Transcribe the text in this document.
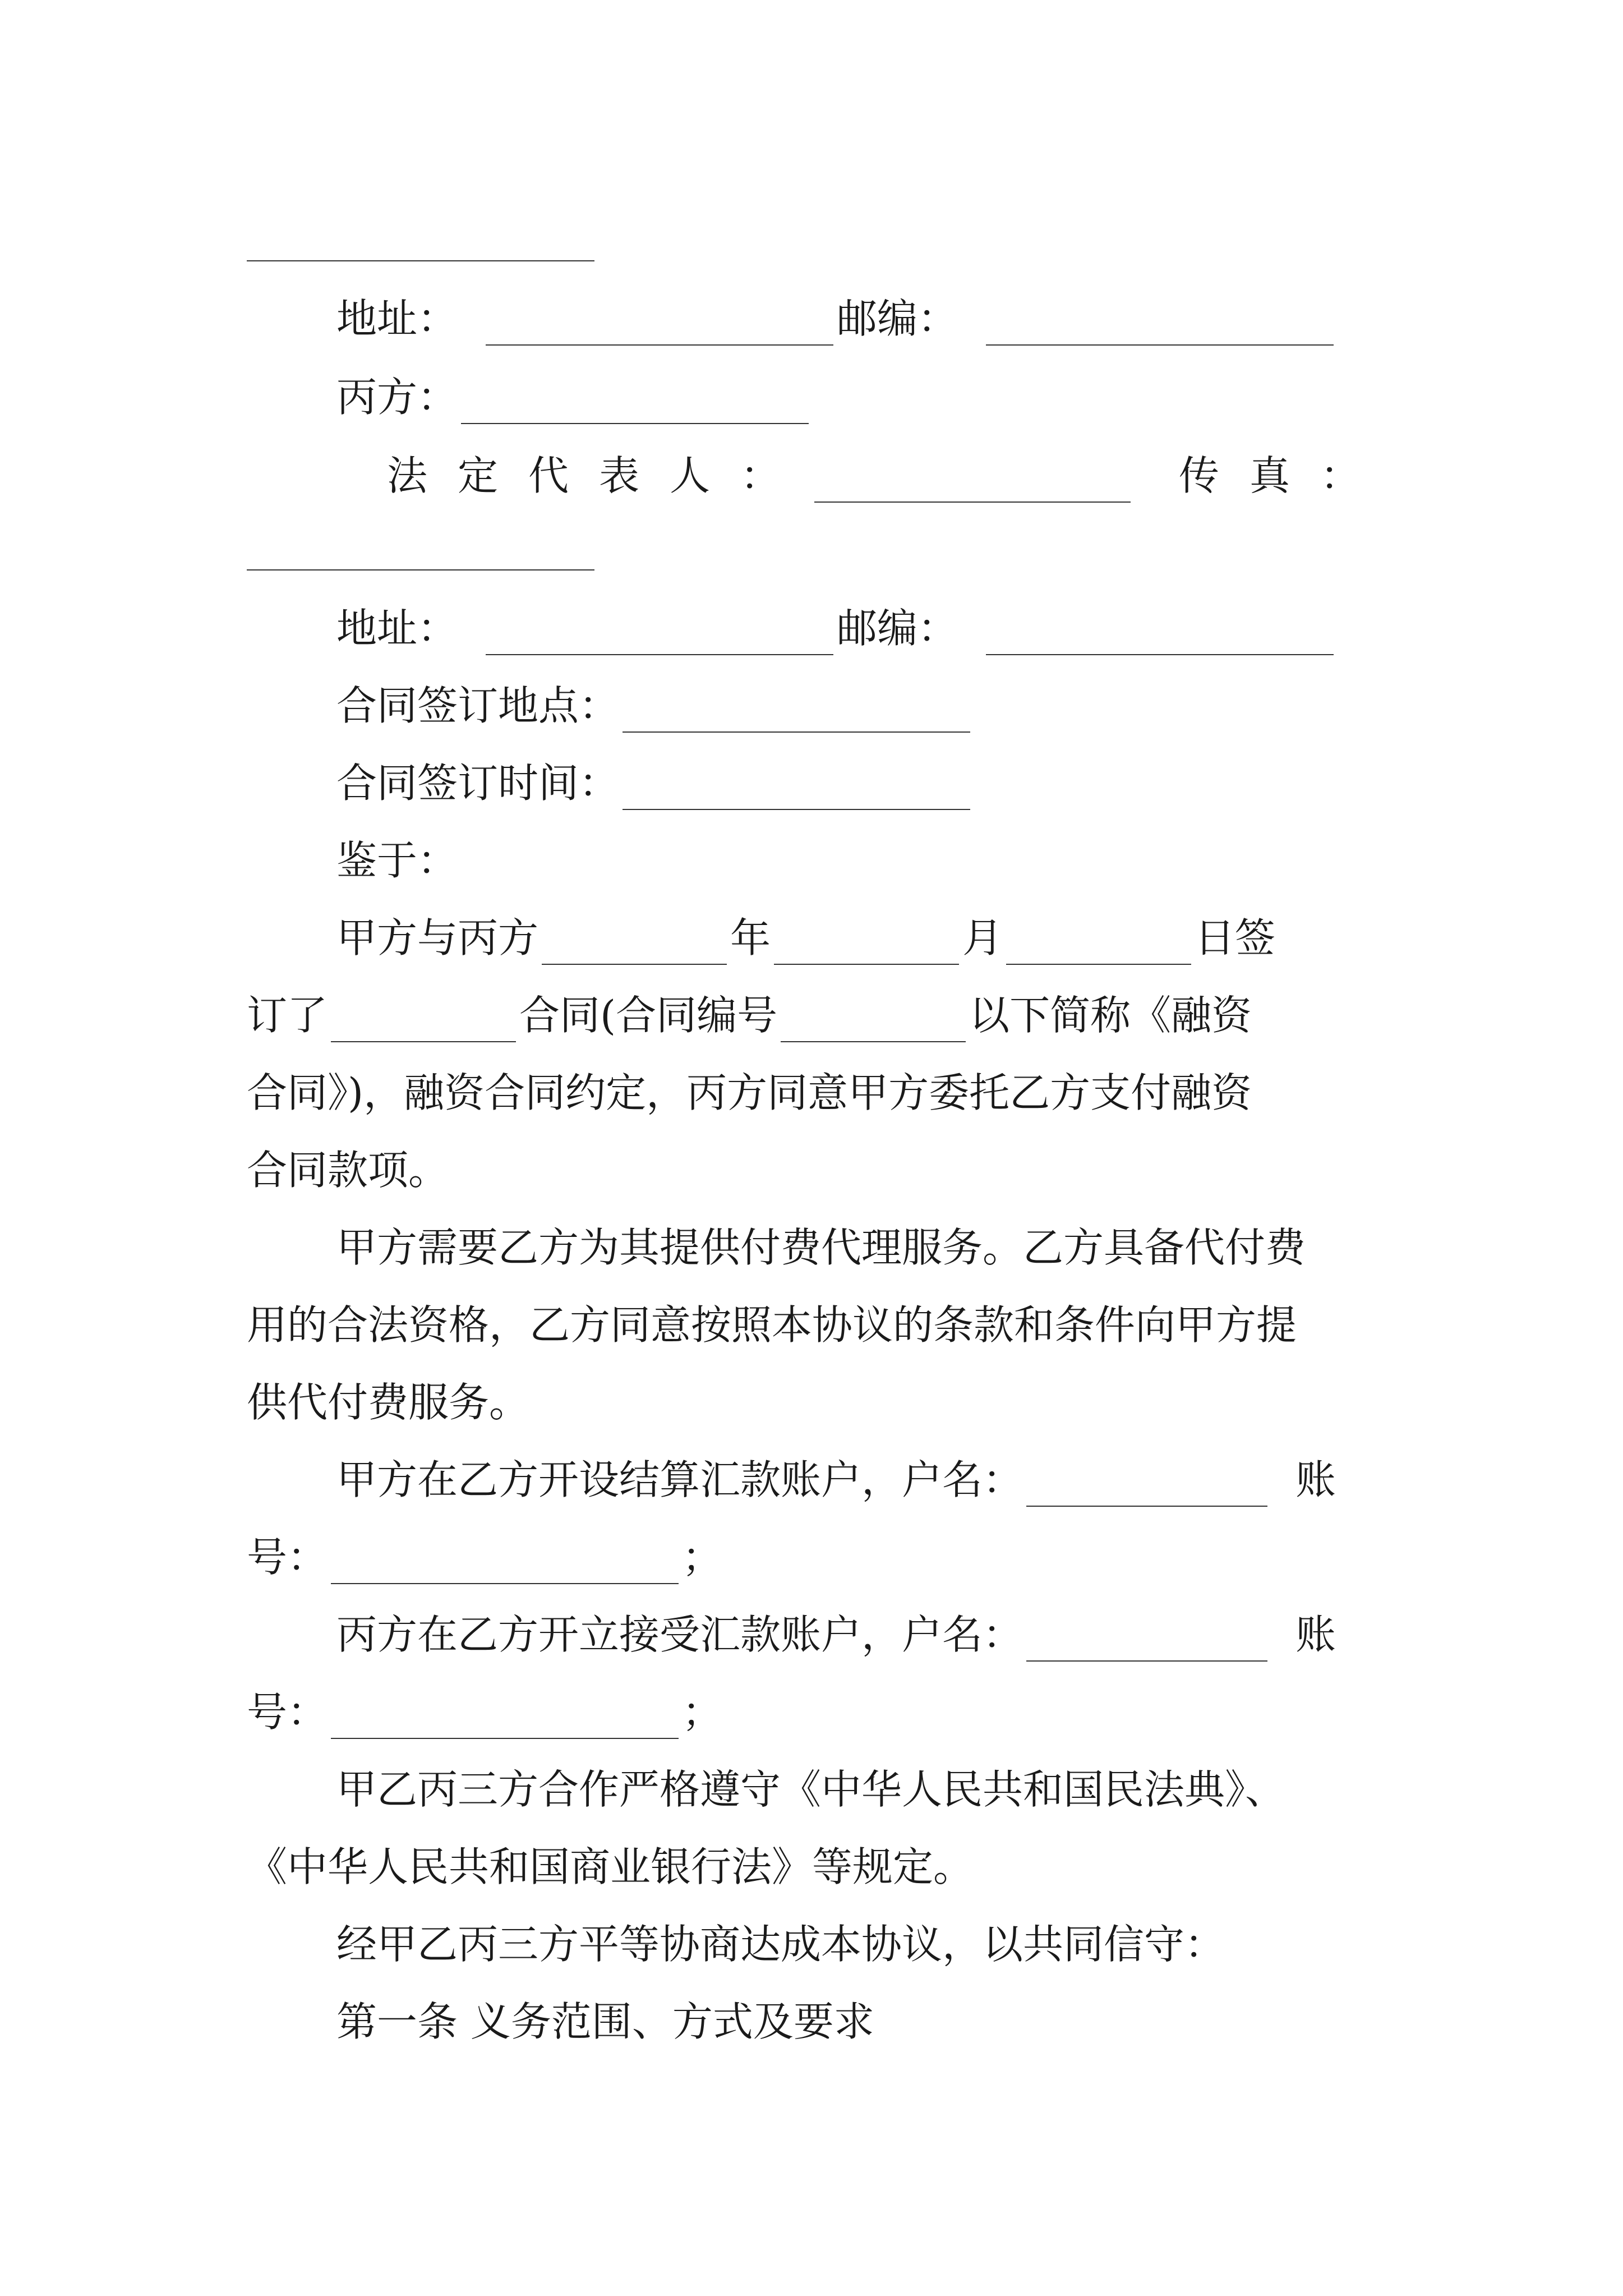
地址：	邮编：
丙方：
法定代表人：	传真：
地址：	邮编：
合同签订地点：
合同签订时间：
鉴于：
甲方与丙方	年	月	日签
订了	合同(合同编号	以下简称《融资
合同》)，融资合同约定，丙方同意甲方委托乙方支付融资
合同款项。
甲方需要乙方为其提供付费代理服务。乙方具备代付费
用的合法资格，乙方同意按照本协议的条款和条件向甲方提
供代付费服务。
甲方在乙方开设结算汇款账户，户名：	账
号：	；
丙方在乙方开立接受汇款账户，户名：	账
号：	；
甲乙丙三方合作严格遵守《中华人民共和国民法典》、
《中华人民共和国商业银行法》等规定。
经甲乙丙三方平等协商达成本协议，以共同信守：
第一条 义务范围、方式及要求
